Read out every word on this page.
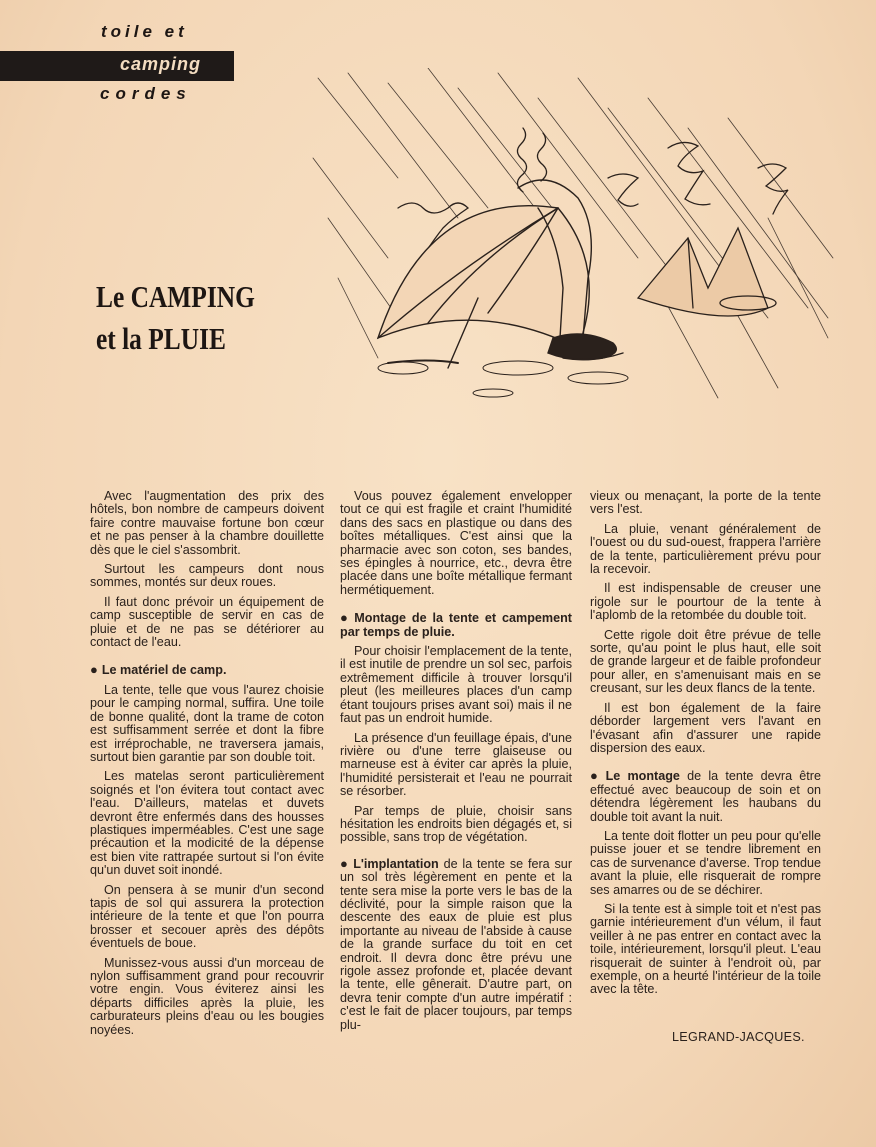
toile et
camping
cordes
Le CAMPING
et la PLUIE

Avec l'augmentation des prix des hôtels, bon nombre de campeurs doivent faire contre mauvaise fortune bon cœur et ne pas penser à la chambre douillette dès que le ciel s'assombrit.

Surtout les campeurs dont nous sommes, montés sur deux roues.

Il faut donc prévoir un équipement de camp susceptible de servir en cas de pluie et de ne pas se détériorer au contact de l'eau.

● Le matériel de camp.

La tente, telle que vous l'aurez choisie pour le camping normal, suffira. Une toile de bonne qualité, dont la trame de coton est suffisamment serrée et dont la fibre est irréprochable, ne traversera jamais, surtout bien garantie par son double toit.

Les matelas seront particulièrement soignés et l'on évitera tout contact avec l'eau. D'ailleurs, matelas et duvets devront être enfermés dans des housses plastiques imperméables. C'est une sage précaution et la modicité de la dépense est bien vite rattrapée surtout si l'on évite qu'un duvet soit inondé.

On pensera à se munir d'un second tapis de sol qui assurera la protection intérieure de la tente et que l'on pourra brosser et secouer après des dépôts éventuels de boue.

Munissez-vous aussi d'un morceau de nylon suffisamment grand pour recouvrir votre engin. Vous éviterez ainsi les départs difficiles après la pluie, les carburateurs pleins d'eau ou les bougies noyées.

Vous pouvez également envelopper tout ce qui est fragile et craint l'humidité dans des sacs en plastique ou dans des boîtes métalliques. C'est ainsi que la pharmacie avec son coton, ses bandes, ses épingles à nourrice, etc., devra être placée dans une boîte métallique fermant hermétiquement.

● Montage de la tente et campement par temps de pluie.

Pour choisir l'emplacement de la tente, il est inutile de prendre un sol sec, parfois extrêmement difficile à trouver lorsqu'il pleut (les meilleures places d'un camp étant toujours prises avant soi) mais il ne faut pas un endroit humide.

La présence d'un feuillage épais, d'une rivière ou d'une terre glaiseuse ou marneuse est à éviter car après la pluie, l'humidité persisterait et l'eau ne pourrait se résorber.

Par temps de pluie, choisir sans hésitation les endroits bien dégagés et, si possible, sans trop de végétation.

● L'implantation de la tente se fera sur un sol très légèrement en pente et la tente sera mise la porte vers le bas de la déclivité, pour la simple raison que la descente des eaux de pluie est plus importante au niveau de l'abside à cause de la grande surface du toit en cet endroit. Il devra donc être prévu une rigole assez profonde et, placée devant la tente, elle gênerait. D'autre part, on devra tenir compte d'un autre impératif : c'est le fait de placer toujours, par temps plu-

vieux ou menaçant, la porte de la tente vers l'est.

La pluie, venant généralement de l'ouest ou du sud-ouest, frappera l'arrière de la tente, particulièrement prévu pour la recevoir.

Il est indispensable de creuser une rigole sur le pourtour de la tente à l'aplomb de la retombée du double toit.

Cette rigole doit être prévue de telle sorte, qu'au point le plus haut, elle soit de grande largeur et de faible profondeur pour aller, en s'amenuisant mais en se creusant, sur les deux flancs de la tente.

Il est bon également de la faire déborder largement vers l'avant en l'évasant afin d'assurer une rapide dispersion des eaux.

● Le montage de la tente devra être effectué avec beaucoup de soin et on détendra légèrement les haubans du double toit avant la nuit.

La tente doit flotter un peu pour qu'elle puisse jouer et se tendre librement en cas de survenance d'averse. Trop tendue avant la pluie, elle risquerait de rompre ses amarres ou de se déchirer.

Si la tente est à simple toit et n'est pas garnie intérieurement d'un vélum, il faut veiller à ne pas entrer en contact avec la toile, intérieurement, lorsqu'il pleut. L'eau risquerait de suinter à l'endroit où, par exemple, on a heurté l'intérieur de la toile avec la tête.

LEGRAND-JACQUES.
